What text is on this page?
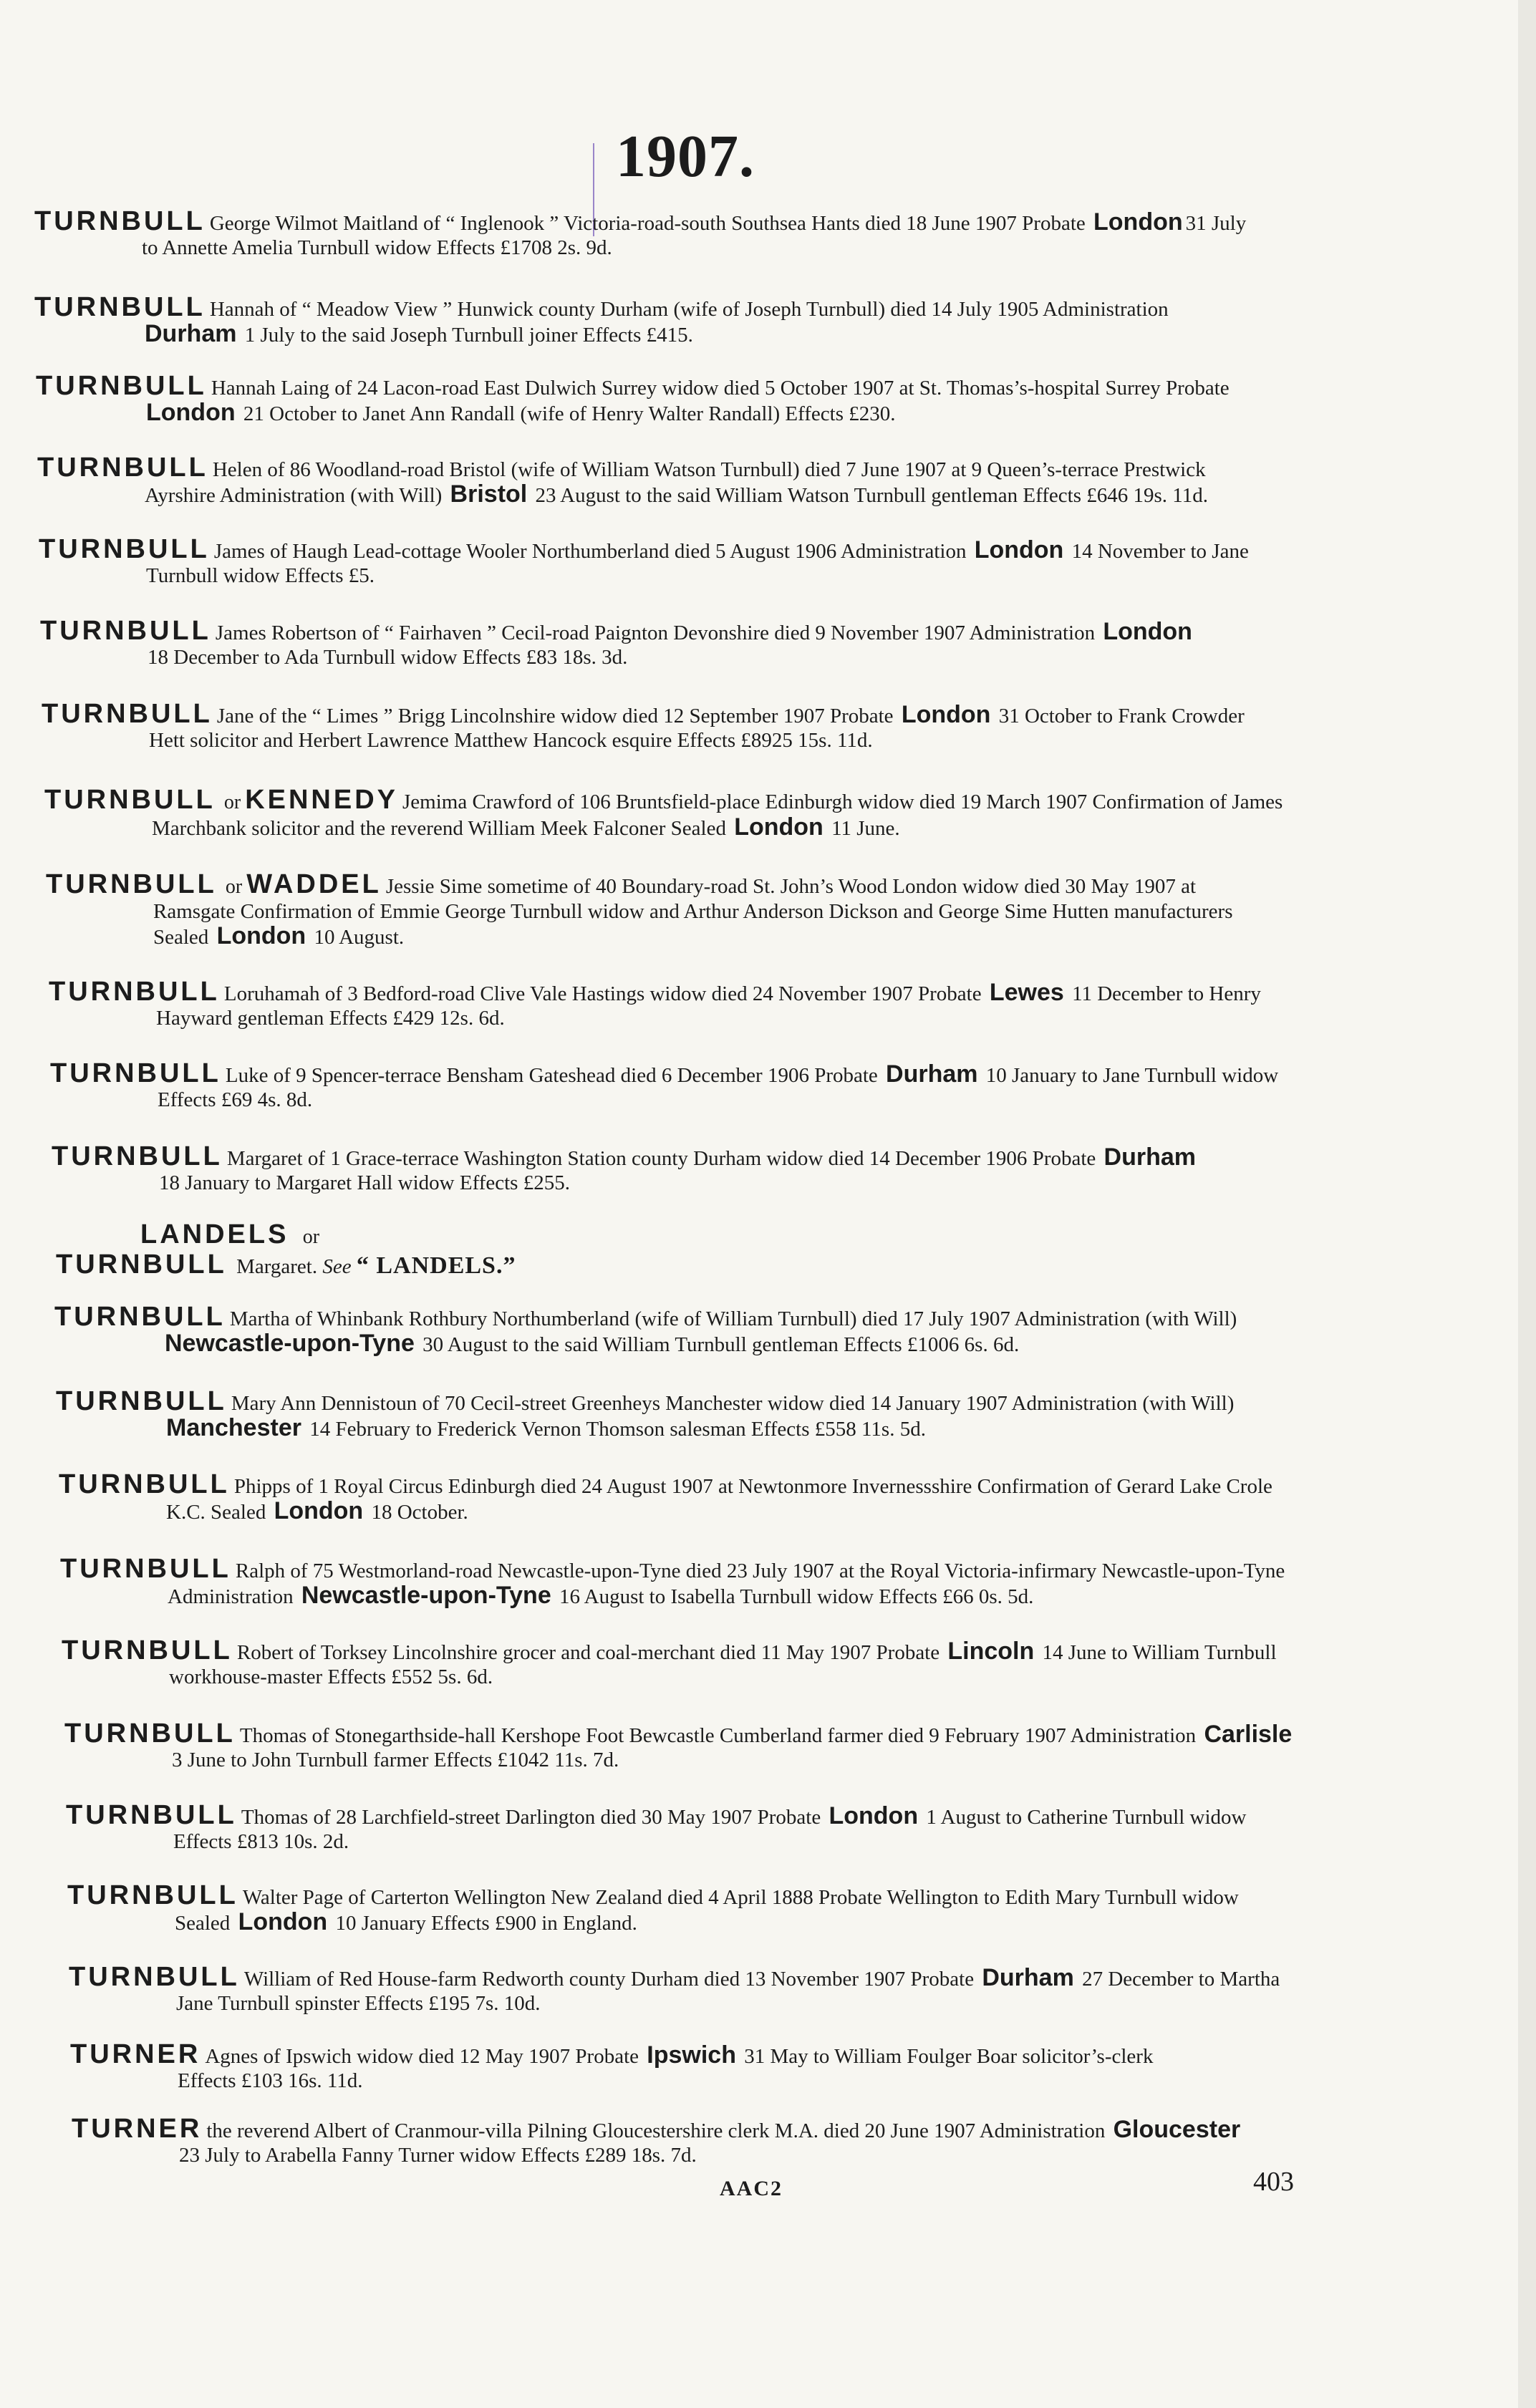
1907.
TURNBULL George Wilmot Maitland of “ Inglenook ” Victoria-road-south Southsea Hants died 18 June 1907 Probate London 31 July
to Annette Amelia Turnbull widow Effects £1708 2s. 9d.
TURNBULL Hannah of “ Meadow View ” Hunwick county Durham (wife of Joseph Turnbull) died 14 July 1905 Administration
Durham 1 July to the said Joseph Turnbull joiner Effects £415.
TURNBULL Hannah Laing of 24 Lacon-road East Dulwich Surrey widow died 5 October 1907 at St. Thomas’s-hospital Surrey Probate
London 21 October to Janet Ann Randall (wife of Henry Walter Randall) Effects £230.
TURNBULL Helen of 86 Woodland-road Bristol (wife of William Watson Turnbull) died 7 June 1907 at 9 Queen’s-terrace Prestwick
Ayrshire Administration (with Will) Bristol 23 August to the said William Watson Turnbull gentleman Effects £646 19s. 11d.
TURNBULL James of Haugh Lead-cottage Wooler Northumberland died 5 August 1906 Administration London 14 November to Jane
Turnbull widow Effects £5.
TURNBULL James Robertson of “ Fairhaven ” Cecil-road Paignton Devonshire died 9 November 1907 Administration London
18 December to Ada Turnbull widow Effects £83 18s. 3d.
TURNBULL Jane of the “ Limes ” Brigg Lincolnshire widow died 12 September 1907 Probate London 31 October to Frank Crowder
Hett solicitor and Herbert Lawrence Matthew Hancock esquire Effects £8925 15s. 11d.
TURNBULL or KENNEDY Jemima Crawford of 106 Bruntsfield-place Edinburgh widow died 19 March 1907 Confirmation of James
Marchbank solicitor and the reverend William Meek Falconer Sealed London 11 June.
TURNBULL or WADDEL Jessie Sime sometime of 40 Boundary-road St. John’s Wood London widow died 30 May 1907 at
Ramsgate Confirmation of Emmie George Turnbull widow and Arthur Anderson Dickson and George Sime Hutten manufacturers
Sealed London 10 August.
TURNBULL Loruhamah of 3 Bedford-road Clive Vale Hastings widow died 24 November 1907 Probate Lewes 11 December to Henry
Hayward gentleman Effects £429 12s. 6d.
TURNBULL Luke of 9 Spencer-terrace Bensham Gateshead died 6 December 1906 Probate Durham 10 January to Jane Turnbull widow
Effects £69 4s. 8d.
TURNBULL Margaret of 1 Grace-terrace Washington Station county Durham widow died 14 December 1906 Probate Durham
18 January to Margaret Hall widow Effects £255.
LANDELS or
TURNBULL Margaret. See “ LANDELS.”
TURNBULL Martha of Whinbank Rothbury Northumberland (wife of William Turnbull) died 17 July 1907 Administration (with Will)
Newcastle-upon-Tyne 30 August to the said William Turnbull gentleman Effects £1006 6s. 6d.
TURNBULL Mary Ann Dennistoun of 70 Cecil-street Greenheys Manchester widow died 14 January 1907 Administration (with Will)
Manchester 14 February to Frederick Vernon Thomson salesman Effects £558 11s. 5d.
TURNBULL Phipps of 1 Royal Circus Edinburgh died 24 August 1907 at Newtonmore Invernessshire Confirmation of Gerard Lake Crole
K.C. Sealed London 18 October.
TURNBULL Ralph of 75 Westmorland-road Newcastle-upon-Tyne died 23 July 1907 at the Royal Victoria-infirmary Newcastle-upon-Tyne
Administration Newcastle-upon-Tyne 16 August to Isabella Turnbull widow Effects £66 0s. 5d.
TURNBULL Robert of Torksey Lincolnshire grocer and coal-merchant died 11 May 1907 Probate Lincoln 14 June to William Turnbull
workhouse-master Effects £552 5s. 6d.
TURNBULL Thomas of Stonegarthside-hall Kershope Foot Bewcastle Cumberland farmer died 9 February 1907 Administration Carlisle
3 June to John Turnbull farmer Effects £1042 11s. 7d.
TURNBULL Thomas of 28 Larchfield-street Darlington died 30 May 1907 Probate London 1 August to Catherine Turnbull widow
Effects £813 10s. 2d.
TURNBULL Walter Page of Carterton Wellington New Zealand died 4 April 1888 Probate Wellington to Edith Mary Turnbull widow
Sealed London 10 January Effects £900 in England.
TURNBULL William of Red House-farm Redworth county Durham died 13 November 1907 Probate Durham 27 December to Martha
Jane Turnbull spinster Effects £195 7s. 10d.
TURNER Agnes of Ipswich widow died 12 May 1907 Probate Ipswich 31 May to William Foulger Boar solicitor’s-clerk
Effects £103 16s. 11d.
TURNER the reverend Albert of Cranmour-villa Pilning Gloucestershire clerk M.A. died 20 June 1907 Administration Gloucester
23 July to Arabella Fanny Turner widow Effects £289 18s. 7d.
AAC2	403
